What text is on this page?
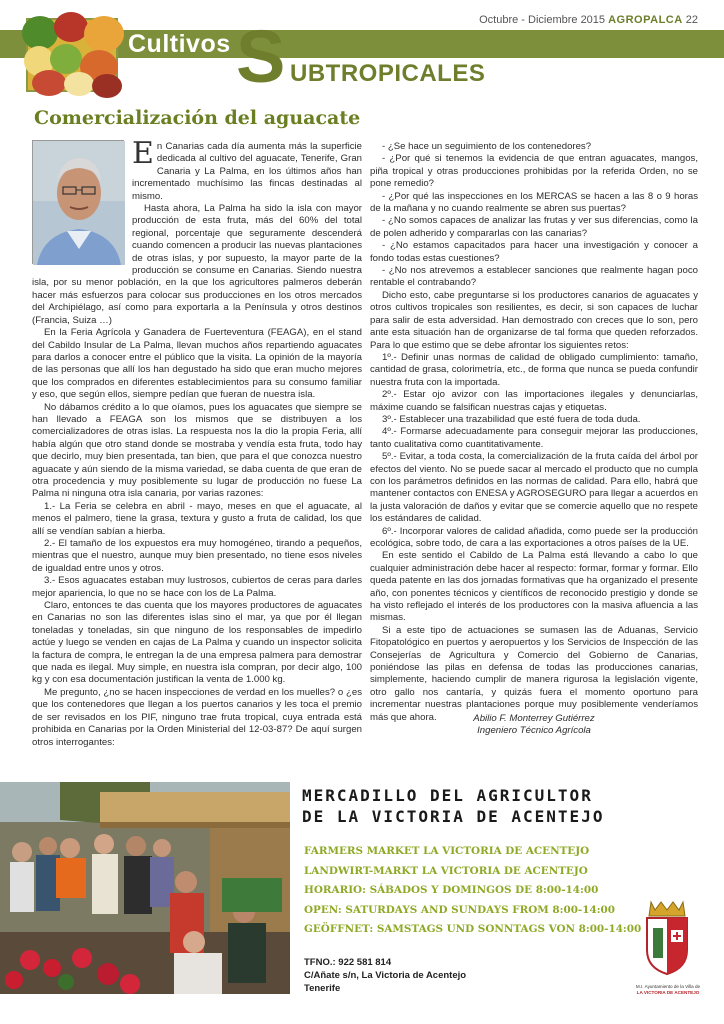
Octubre - Diciembre 2015 AGROPALCA 22
Cultivos S UBTROPICALES
Comercialización del aguacate

En Canarias cada día aumenta más la superficie dedicada al cultivo del aguacate, Tenerife, Gran Canaria y La Palma, en los últimos años han incrementado muchísimo las fincas destinadas al mismo.

Hasta ahora, La Palma ha sido la isla con mayor producción de esta fruta, más del 60% del total regional, porcentaje que seguramente descenderá cuando comencen a producir las nuevas plantaciones de otras islas, y por supuesto, la mayor parte de la producción se consume en Canarias. Siendo nuestra isla, por su menor población, en la que los agricultores palmeros deberán hacer más esfuerzos para colocar sus producciones en los otros mercados del Archipiélago, así como para exportarla a la Península y otros destinos (Francia, Suiza …)

En la Feria Agrícola y Ganadera de Fuerteventura (FEAGA), en el stand del Cabildo Insular de La Palma, llevan muchos años repartiendo aguacates para darlos a conocer entre el público que la visita. La opinión de la mayoría de las personas que allí los han degustado ha sido que eran mucho mejores que los comprados en diferentes establecimientos para su consumo familiar y eso, que según ellos, siempre pedían que fueran de nuestra isla.

No dábamos crédito a lo que oíamos, pues los aguacates que siempre se han llevado a FEAGA son los mismos que se distribuyen a los comercializadores de otras islas. La respuesta nos la dio la propia Feria, allí había algún que otro stand donde se mostraba y vendía esta fruta, todo hay que decirlo, muy bien presentada, tan bien, que para el que conozca nuestro aguacate y aún siendo de la misma variedad, se daba cuenta de que eran de otra procedencia y muy posiblemente su lugar de producción no fuese La Palma ni ninguna otra isla canaria, por varias razones:

1.- La Feria se celebra en abril - mayo, meses en que el aguacate, al menos el palmero, tiene la grasa, textura y gusto a fruta de calidad, los que allí se vendían sabían a hierba.

2.- El tamaño de los expuestos era muy homogéneo, tirando a pequeños, mientras que el nuestro, aunque muy bien presentado, no tiene esos niveles de igualdad entre unos y otros.

3.- Esos aguacates estaban muy lustrosos, cubiertos de ceras para darles mejor apariencia, lo que no se hace con los de La Palma.

Claro, entonces te das cuenta que los mayores productores de aguacates en Canarias no son las diferentes islas sino el mar, ya que por él llegan toneladas y toneladas, sin que ninguno de los responsables de impedirlo actúe y luego se venden en cajas de La Palma y cuando un inspector solicita la factura de compra, le entregan la de una empresa palmera para demostrar que nada es ilegal. Muy simple, en nuestra isla compran, por decir algo, 100 kg y con esa documentación justifican la venta de 1.000 kg.

Me pregunto, ¿no se hacen inspecciones de verdad en los muelles? o ¿es que los contenedores que llegan a los puertos canarios y les toca el premio de ser revisados en los PIF, ninguno trae fruta tropical, cuya entrada está prohibida en Canarias por la Orden Ministerial del 12-03-87? De aquí surgen otros interrogantes:

- ¿Se hace un seguimiento de los contenedores?

- ¿Por qué si tenemos la evidencia de que entran aguacates, mangos, piña tropical y otras producciones prohibidas por la referida Orden, no se pone remedio?

- ¿Por qué las inspecciones en los MERCAS se hacen a las 8 o 9 horas de la mañana y no cuando realmente se abren sus puertas?

- ¿No somos capaces de analizar las frutas y ver sus diferencias, como la de polen adherido y compararlas con las canarias?

- ¿No estamos capacitados para hacer una investigación y conocer a fondo todas estas cuestiones?

- ¿No nos atrevemos a establecer sanciones que realmente hagan poco rentable el contrabando?

Dicho esto, cabe preguntarse si los productores canarios de aguacates y otros cultivos tropicales son resilientes, es decir, si son capaces de luchar para salir de esta adversidad. Han demostrado con creces que lo son, pero ante esta situación han de organizarse de tal forma que queden reforzados. Para lo que estimo que se debe afrontar los siguientes retos:

1º.- Definir unas normas de calidad de obligado cumplimiento: tamaño, cantidad de grasa, colorimetría, etc., de forma que nunca se pueda confundir nuestra fruta con la importada.

2º.- Estar ojo avizor con las importaciones ilegales y denunciarlas, máxime cuando se falsifican nuestras cajas y etiquetas.

3º.- Establecer una trazabilidad que esté fuera de toda duda.

4º.- Formarse adecuadamente para conseguir mejorar las producciones, tanto cualitativa como cuantitativamente.

5º.- Evitar, a toda costa, la comercialización de la fruta caída del árbol por efectos del viento. No se puede sacar al mercado el producto que no cumpla con los parámetros definidos en las normas de calidad. Para ello, habrá que mantener contactos con ENESA y AGROSEGURO para llegar a acuerdos en la justa valoración de daños y evitar que se comercie aquello que no respete los estándares de calidad.

6º.- Incorporar valores de calidad añadida, como puede ser la producción ecológica, sobre todo, de cara a las exportaciones a otros países de la UE.

En este sentido el Cabildo de La Palma está llevando a cabo lo que cualquier administración debe hacer al respecto: formar, formar y formar. Ello queda patente en las dos jornadas formativas que ha organizado el presente año, con ponentes técnicos y científicos de reconocido prestigio y donde se ha visto reflejado el interés de los productores con la masiva afluencia a las mismas.

Si a este tipo de actuaciones se sumasen las de Aduanas, Servicio Fitopatológico en puertos y aeropuertos y los Servicios de Inspección de las Consejerías de Agricultura y Comercio del Gobierno de Canarias, poniéndose las pilas en defensa de todas las producciones canarias, simplemente, haciendo cumplir de manera rigurosa la legislación vigente, otro gallo nos cantaría, y quizás fuera el momento oportuno para incrementar nuestras plantaciones porque muy posiblemente venderíamos más que ahora.	Abilio F. Monterrey Gutiérrez
Ingeniero Técnico Agrícola
MERCADILLO DEL AGRICULTOR
DE LA VICTORIA DE ACENTEJO
FARMERS MARKET LA VICTORIA DE ACENTEJO
LANDWIRT-MARKT LA VICTORIA DE ACENTEJO
HORARIO: SÁBADOS Y DOMINGOS DE 8:00-14:00
OPEN: SATURDAYS AND SUNDAYS FROM 8:00-14:00
GEÖFFNET: SAMSTAGS UND SONNTAGS VON 8:00-14:00
TFNO.: 922 581 814
C/Añate s/n, La Victoria de Acentejo
Tenerife	M.I. Ayuntamiento de la Villa de
LA VICTORIA DE ACENTEJO
